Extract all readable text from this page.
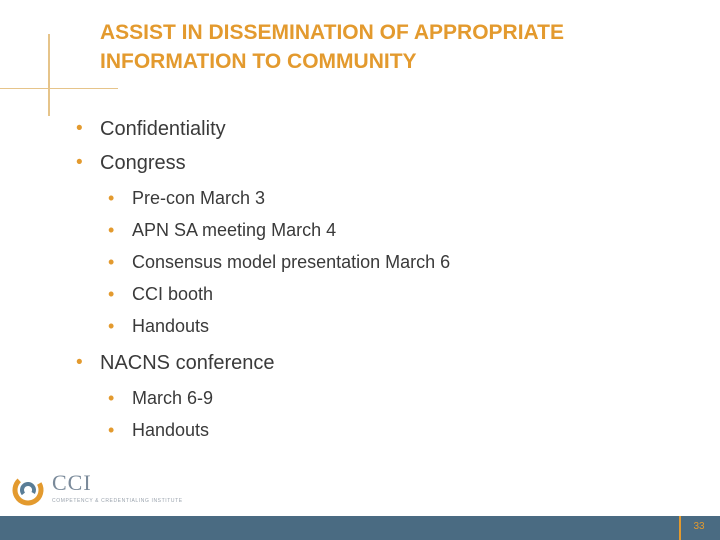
ASSIST IN DISSEMINATION OF APPROPRIATE
INFORMATION TO COMMUNITY
• Confidentiality
• Congress
• Pre-con March 3
• APN SA meeting March 4
• Consensus model presentation March 6
• CCI booth
• Handouts
• NACNS conference
• March 6-9
• Handouts
CCI
COMPETENCY & CREDENTIALING INSTITUTE
33
